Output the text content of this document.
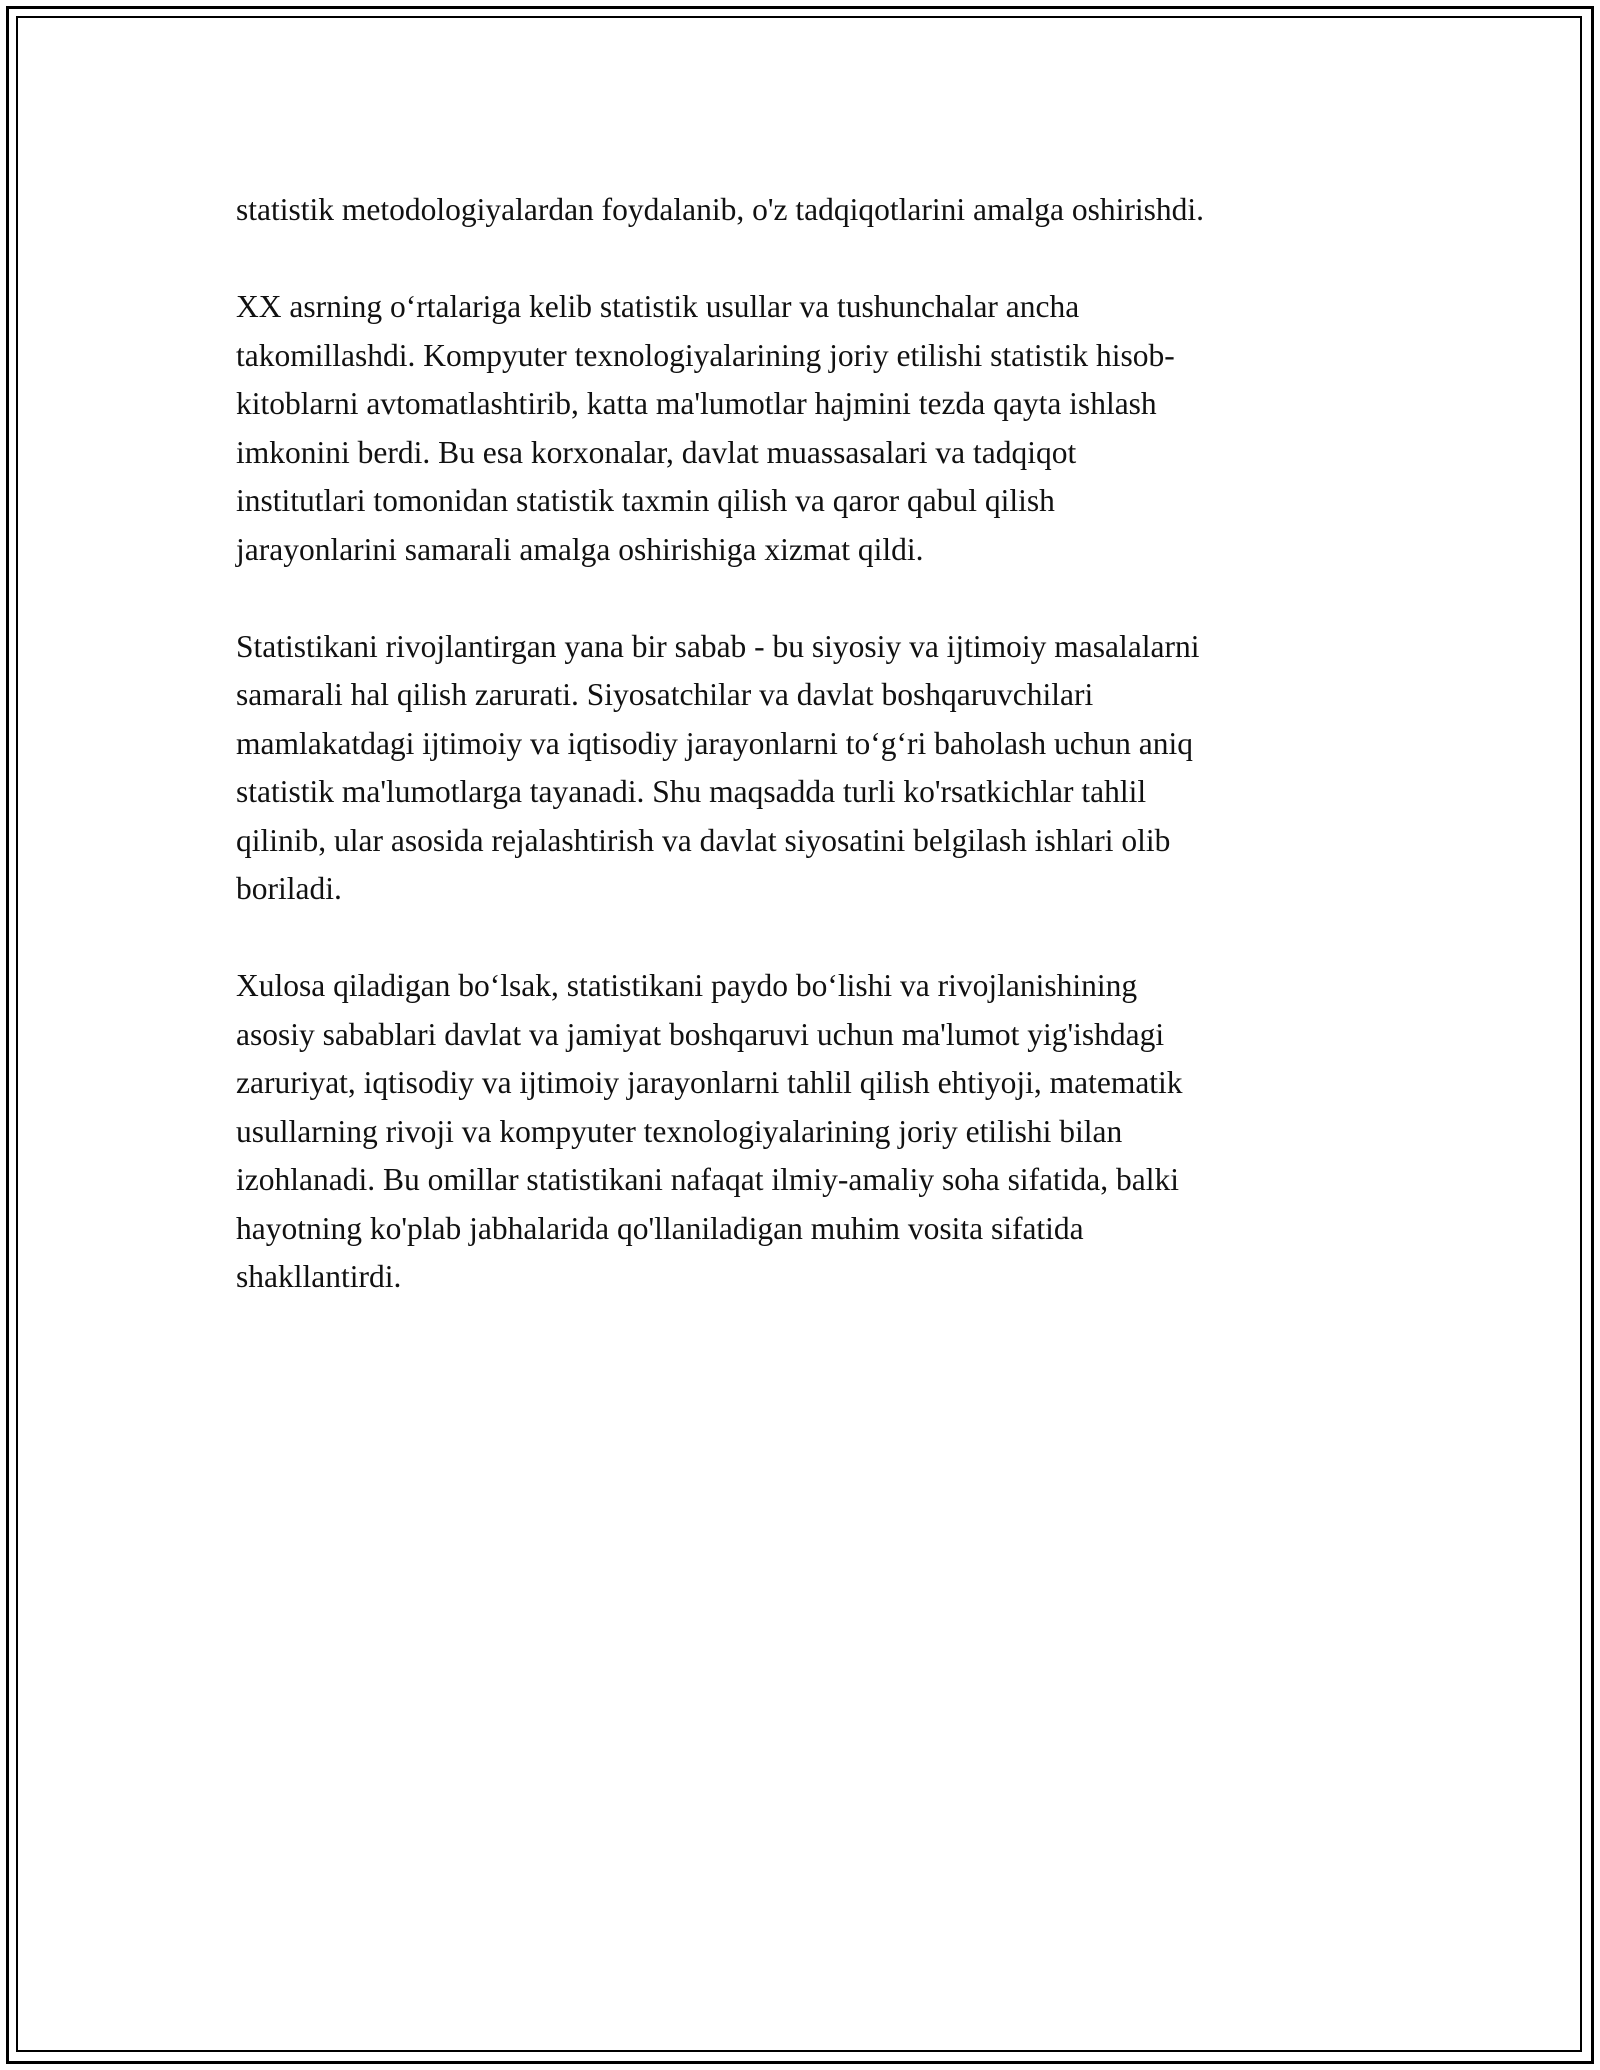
statistik metodologiyalardan foydalanib, o'z tadqiqotlarini amalga oshirishdi.

XX asrning o‘rtalariga kelib statistik usullar va tushunchalar ancha
takomillashdi. Kompyuter texnologiyalarining joriy etilishi statistik hisob-
kitoblarni avtomatlashtirib, katta ma'lumotlar hajmini tezda qayta ishlash
imkonini berdi. Bu esa korxonalar, davlat muassasalari va tadqiqot
institutlari tomonidan statistik taxmin qilish va qaror qabul qilish
jarayonlarini samarali amalga oshirishiga xizmat qildi.

Statistikani rivojlantirgan yana bir sabab - bu siyosiy va ijtimoiy masalalarni
samarali hal qilish zarurati. Siyosatchilar va davlat boshqaruvchilari
mamlakatdagi ijtimoiy va iqtisodiy jarayonlarni to‘g‘ri baholash uchun aniq
statistik ma'lumotlarga tayanadi. Shu maqsadda turli ko'rsatkichlar tahlil
qilinib, ular asosida rejalashtirish va davlat siyosatini belgilash ishlari olib
boriladi.

Xulosa qiladigan bo‘lsak, statistikani paydo bo‘lishi va rivojlanishining
asosiy sabablari davlat va jamiyat boshqaruvi uchun ma'lumot yig'ishdagi
zaruriyat, iqtisodiy va ijtimoiy jarayonlarni tahlil qilish ehtiyoji, matematik
usullarning rivoji va kompyuter texnologiyalarining joriy etilishi bilan
izohlanadi. Bu omillar statistikani nafaqat ilmiy-amaliy soha sifatida, balki
hayotning ko'plab jabhalarida qo'llaniladigan muhim vosita sifatida
shakllantirdi.
